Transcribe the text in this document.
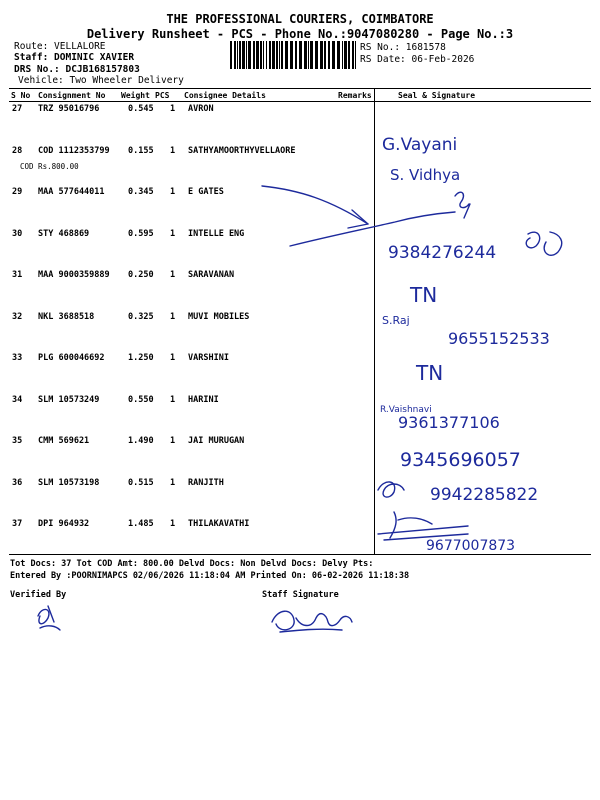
THE PROFESSIONAL COURIERS, COIMBATORE
Delivery Runsheet - PCS - Phone No.:9047080280 - Page No.:3
Route: VELLALORE
Staff: DOMINIC XAVIER
DRS No.: DCJB168157803
Vehicle: Two Wheeler Delivery
RS No.: 1681578
RS Date: 06-Feb-2026
S No Consignment No Weight PCS Consignee Details	Remarks	Seal & Signature
27 TRZ 95016796	0.545 1 AVRON
28 COD 1112353799 0.155 1 SATHYAMOORTHYVELLAORE
COD Rs.800.00
29 MAA 577644011	0.345 1 E GATES
30 STY 468869	0.595 1 INTELLE ENG
31 MAA 9000359889 0.250 1 SARAVANAN
32 NKL 3688518	0.325 1 MUVI MOBILES
33 PLG 600046692	1.250 1 VARSHINI
34 SLM 10573249	0.550 1 HARINI
35 CMM 569621	1.490 1 JAI MURUGAN
36 SLM 10573198	0.515 1 RANJITH
37 DPI 964932	1.485 1 THILAKAVATHI
G.Vayani
S. Vidhya
9384276244
TN
S.Raj
9655152533
TN
R.Vaishnavi
9361377106
9345696057
9942285822
9677007873
Tot Docs: 37 Tot COD Amt: 800.00 Delvd Docs: Non Delvd Docs: Delvy Pts:
Entered By :POORNIMAPCS 02/06/2026 11:18:04 AM Printed On: 06-02-2026 11:18:38
Verified By	Staff Signature
